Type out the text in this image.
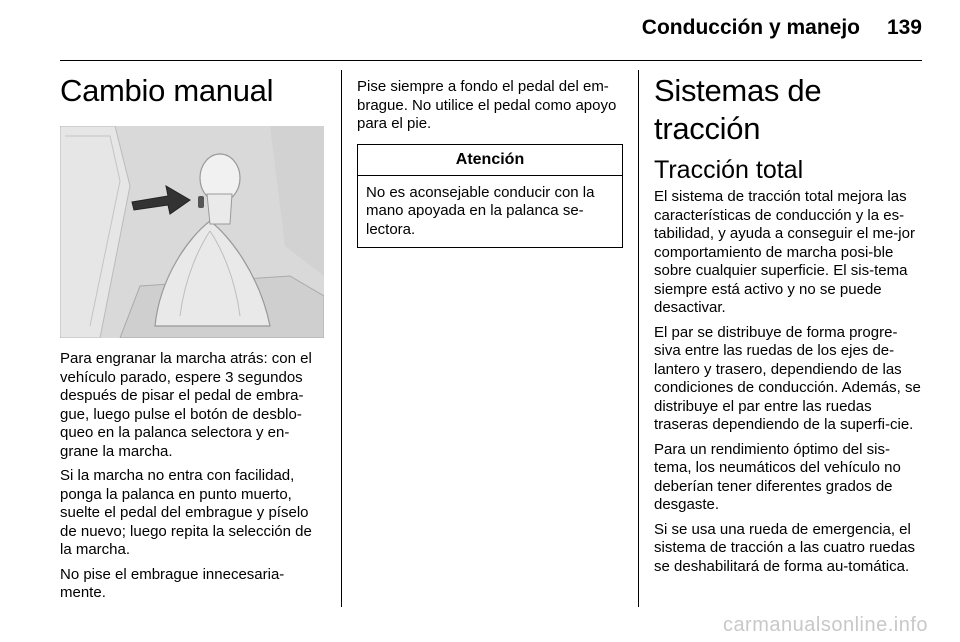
Conducción y manejo	139
Cambio manual

Para engranar la marcha atrás: con el vehículo parado, espere 3 segundos después de pisar el pedal de embra-gue, luego pulse el botón de desblo-queo en la palanca selectora y en-grane la marcha.

Si la marcha no entra con facilidad, ponga la palanca en punto muerto, suelte el pedal del embrague y píselo de nuevo; luego repita la selección de la marcha.

No pise el embrague innecesaria-mente.

Pise siempre a fondo el pedal del em-brague. No utilice el pedal como apoyo para el pie.

Atención

No es aconsejable conducir con la mano apoyada en la palanca se-lectora.

Sistemas de tracción
Tracción total

El sistema de tracción total mejora las características de conducción y la es-tabilidad, y ayuda a conseguir el me-jor comportamiento de marcha posi-ble sobre cualquier superficie. El sis-tema siempre está activo y no se puede desactivar.

El par se distribuye de forma progre-siva entre las ruedas de los ejes de-lantero y trasero, dependiendo de las condiciones de conducción. Además, se distribuye el par entre las ruedas traseras dependiendo de la superfi-cie.

Para un rendimiento óptimo del sis-tema, los neumáticos del vehículo no deberían tener diferentes grados de desgaste.

Si se usa una rueda de emergencia, el sistema de tracción a las cuatro ruedas se deshabilitará de forma au-tomática.

carmanualsonline.info
